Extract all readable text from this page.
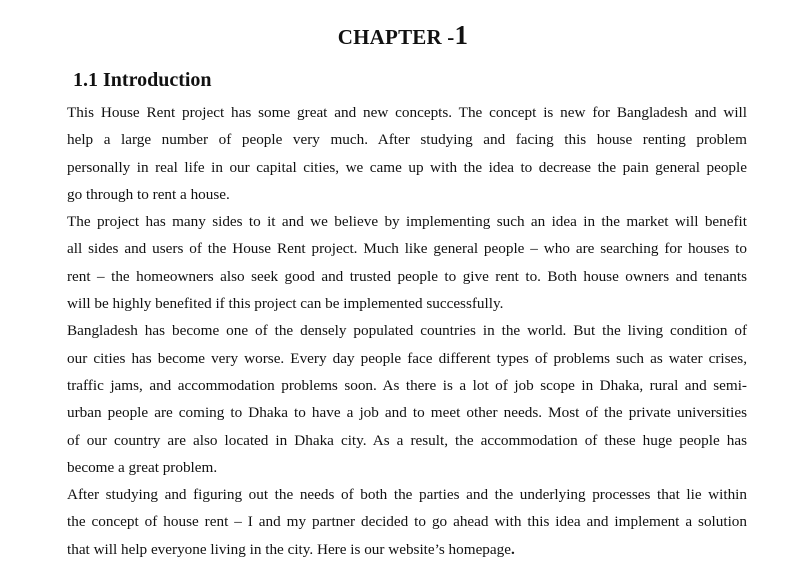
CHAPTER -1
1.1 Introduction
This House Rent project has some great and new concepts. The concept is new for Bangladesh and will
help a large number of people very much. After studying and facing this house renting problem
personally in real life in our capital cities, we came up with the idea to decrease the pain general people
go through to rent a house.
The project has many sides to it and we believe by implementing such an idea in the market will benefit
all sides and users of the House Rent project. Much like general people – who are searching for houses to
rent – the homeowners also seek good and trusted people to give rent to. Both house owners and tenants
will be highly benefited if this project can be implemented successfully.
Bangladesh has become one of the densely populated countries in the world. But the living condition of
our cities has become very worse. Every day people face different types of problems such as water crises,
traffic jams, and accommodation problems soon. As there is a lot of job scope in Dhaka, rural and semi-
urban people are coming to Dhaka to have a job and to meet other needs. Most of the private universities
of our country are also located in Dhaka city. As a result, the accommodation of these huge people has
become a great problem.
After studying and figuring out the needs of both the parties and the underlying processes that lie within
the concept of house rent – I and my partner decided to go ahead with this idea and implement a solution
that will help everyone living in the city. Here is our website’s homepage.
